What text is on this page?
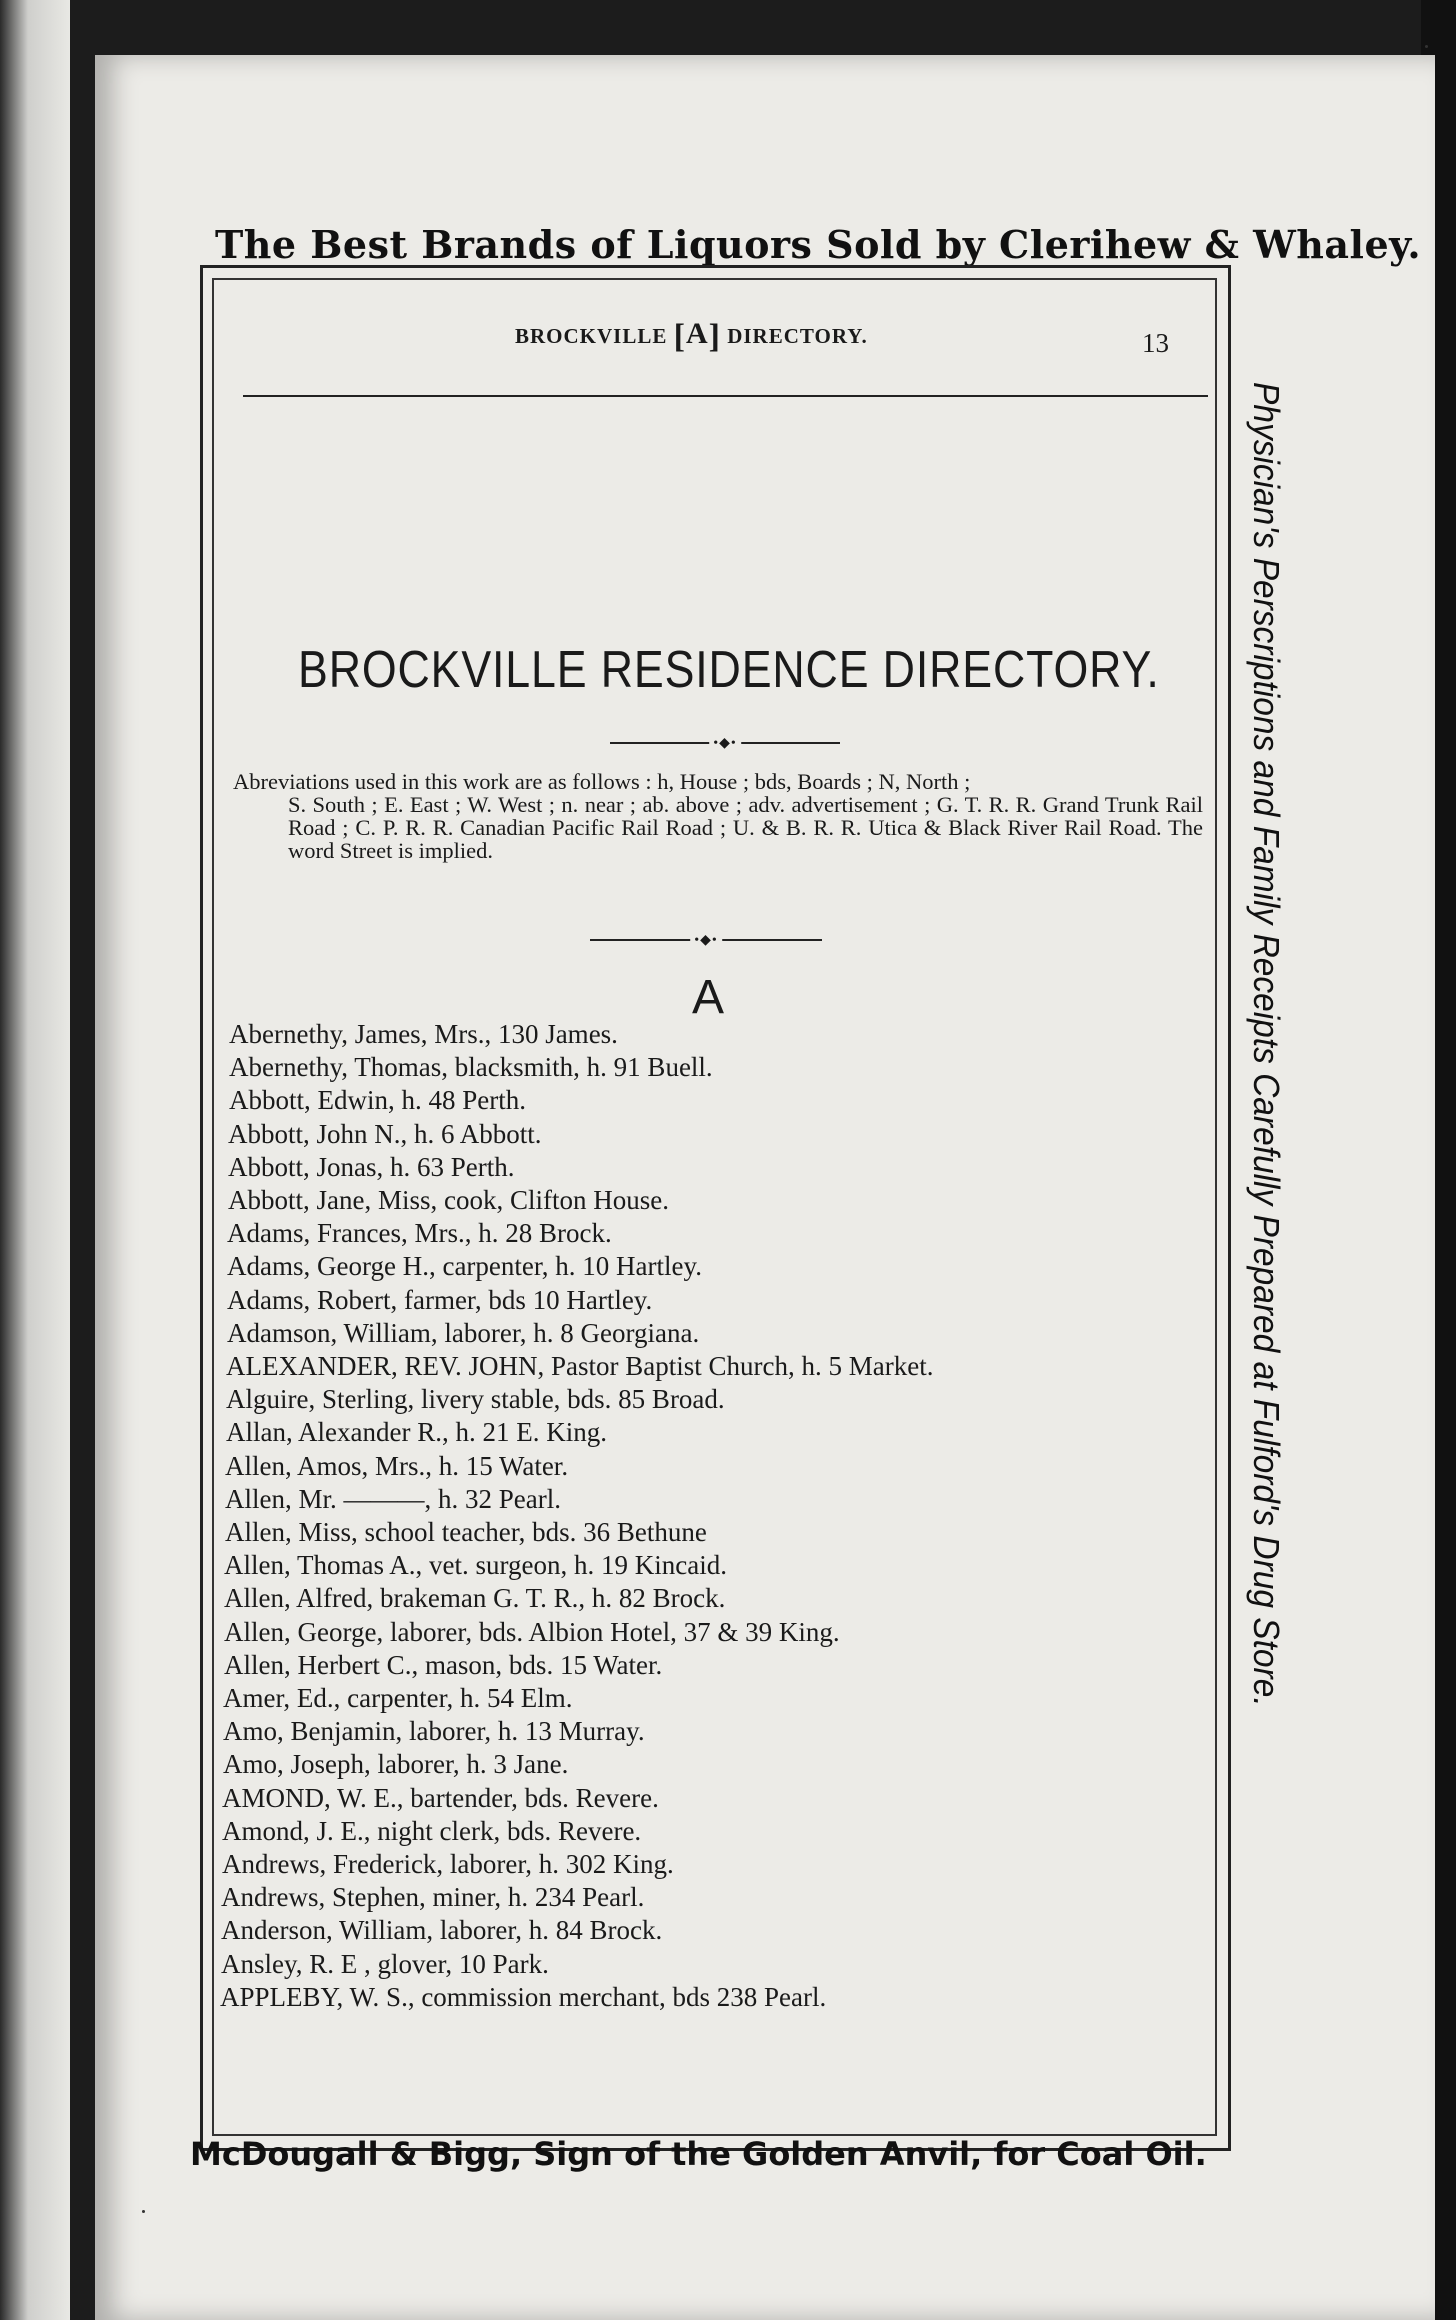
The Best Brands of Liquors Sold by Clerihew & Whaley.
BROCKVILLE [A] DIRECTORY.	13
BROCKVILLE RESIDENCE DIRECTORY.
•◆•

Abreviations used in this work are as follows : h, House ; bds, Boards ; N, North ;

S. South ; E. East ; W. West ; n. near ; ab. above ; adv. advertisement ; G. T. R. R. Grand Trunk Rail Road ; C. P. R. R. Canadian Pacific Rail Road ; U. & B. R. R. Utica & Black River Rail Road. The word Street is implied.

•◆•
A
Abernethy, James, Mrs., 130 James.
Abernethy, Thomas, blacksmith, h. 91 Buell.
Abbott, Edwin, h. 48 Perth.
Abbott, John N., h. 6 Abbott.
Abbott, Jonas, h. 63 Perth.
Abbott, Jane, Miss, cook, Clifton House.
Adams, Frances, Mrs., h. 28 Brock.
Adams, George H., carpenter, h. 10 Hartley.
Adams, Robert, farmer, bds 10 Hartley.
Adamson, William, laborer, h. 8 Georgiana.
ALEXANDER, REV. JOHN, Pastor Baptist Church, h. 5 Market.
Alguire, Sterling, livery stable, bds. 85 Broad.
Allan, Alexander R., h. 21 E. King.
Allen, Amos, Mrs., h. 15 Water.
Allen, Mr. ———, h. 32 Pearl.
Allen, Miss, school teacher, bds. 36 Bethune
Allen, Thomas A., vet. surgeon, h. 19 Kincaid.
Allen, Alfred, brakeman G. T. R., h. 82 Brock.
Allen, George, laborer, bds. Albion Hotel, 37 & 39 King.
Allen, Herbert C., mason, bds. 15 Water.
Amer, Ed., carpenter, h. 54 Elm.
Amo, Benjamin, laborer, h. 13 Murray.
Amo, Joseph, laborer, h. 3 Jane.
AMOND, W. E., bartender, bds. Revere.
Amond, J. E., night clerk, bds. Revere.
Andrews, Frederick, laborer, h. 302 King.
Andrews, Stephen, miner, h. 234 Pearl.
Anderson, William, laborer, h. 84 Brock.
Ansley, R. E , glover, 10 Park.
APPLEBY, W. S., commission merchant, bds 238 Pearl.
Physician's Perscriptions and Family Receipts Carefully Prepared at Fulford's Drug Store.
McDougall & Bigg, Sign of the Golden Anvil, for Coal Oil.
